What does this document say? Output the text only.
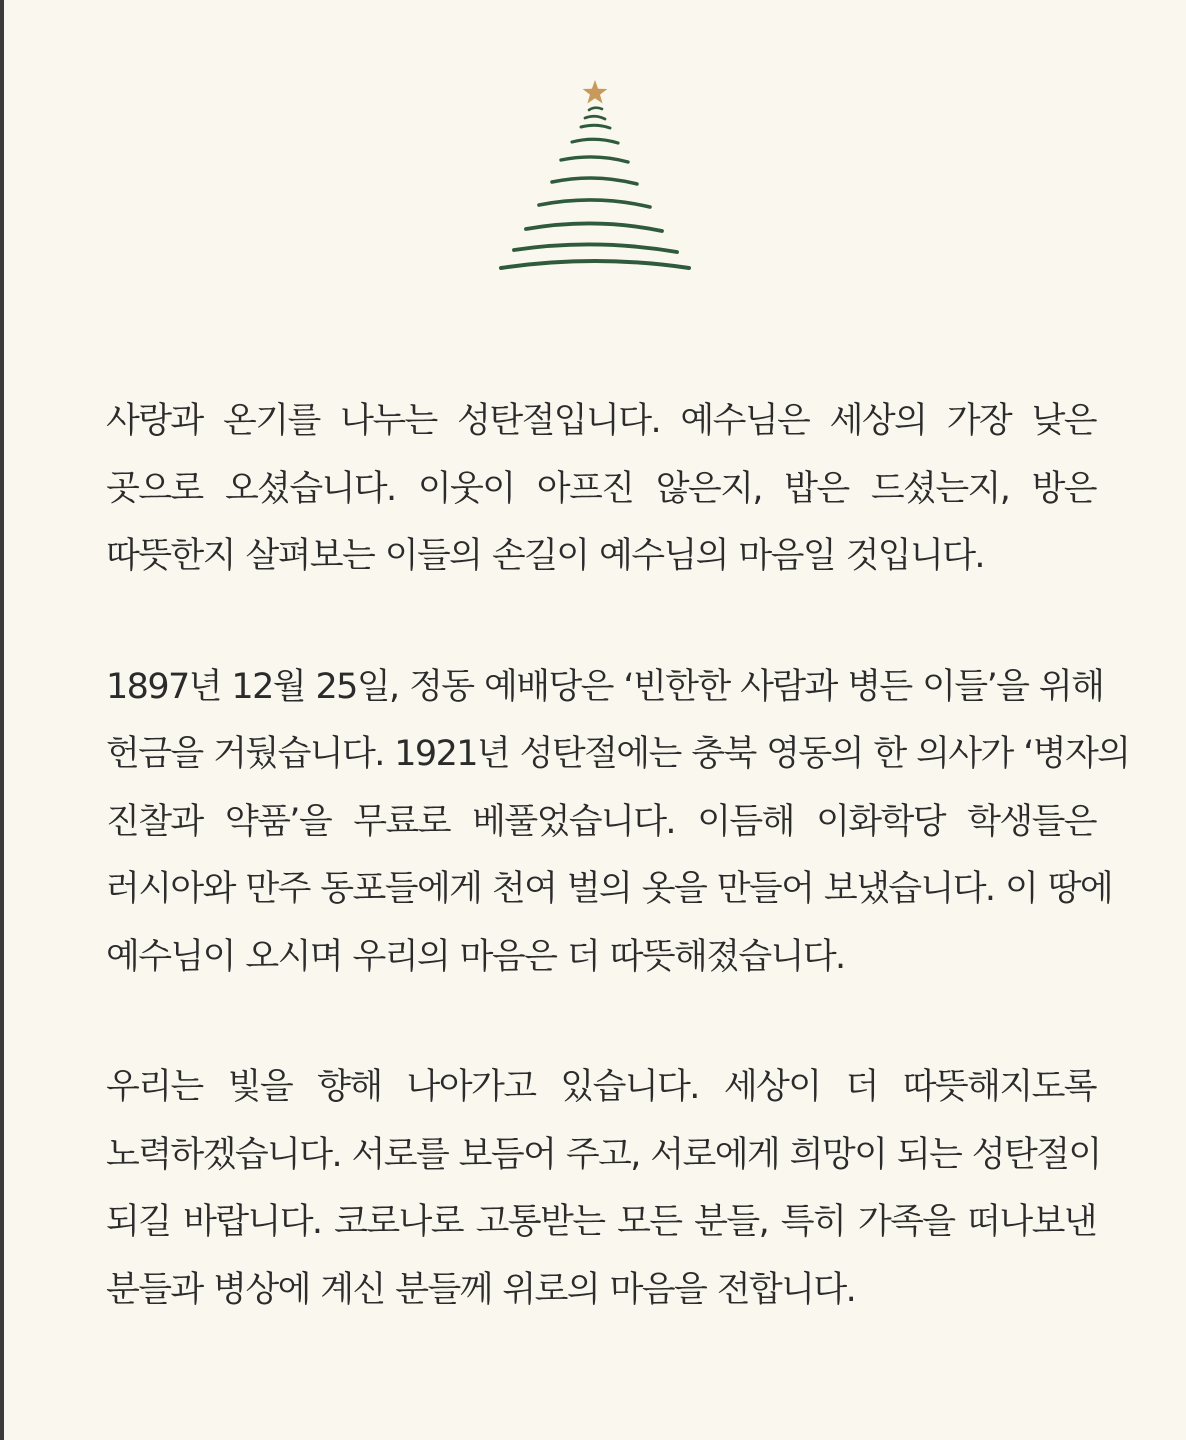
사랑과 온기를 나누는 성탄절입니다. 예수님은 세상의 가장 낮은
곳으로 오셨습니다. 이웃이 아프진 않은지, 밥은 드셨는지, 방은
따뜻한지 살펴보는 이들의 손길이 예수님의 마음일 것입니다.

1897년 12월 25일, 정동 예배당은 ‘빈한한 사람과 병든 이들’을 위해
헌금을 거뒀습니다. 1921년 성탄절에는 충북 영동의 한 의사가 ‘병자의
진찰과 약품’을 무료로 베풀었습니다. 이듬해 이화학당 학생들은
러시아와 만주 동포들에게 천여 벌의 옷을 만들어 보냈습니다. 이 땅에
예수님이 오시며 우리의 마음은 더 따뜻해졌습니다.

우리는 빛을 향해 나아가고 있습니다. 세상이 더 따뜻해지도록
노력하겠습니다. 서로를 보듬어 주고, 서로에게 희망이 되는 성탄절이
되길 바랍니다. 코로나로 고통받는 모든 분들, 특히 가족을 떠나보낸
분들과 병상에 계신 분들께 위로의 마음을 전합니다.
